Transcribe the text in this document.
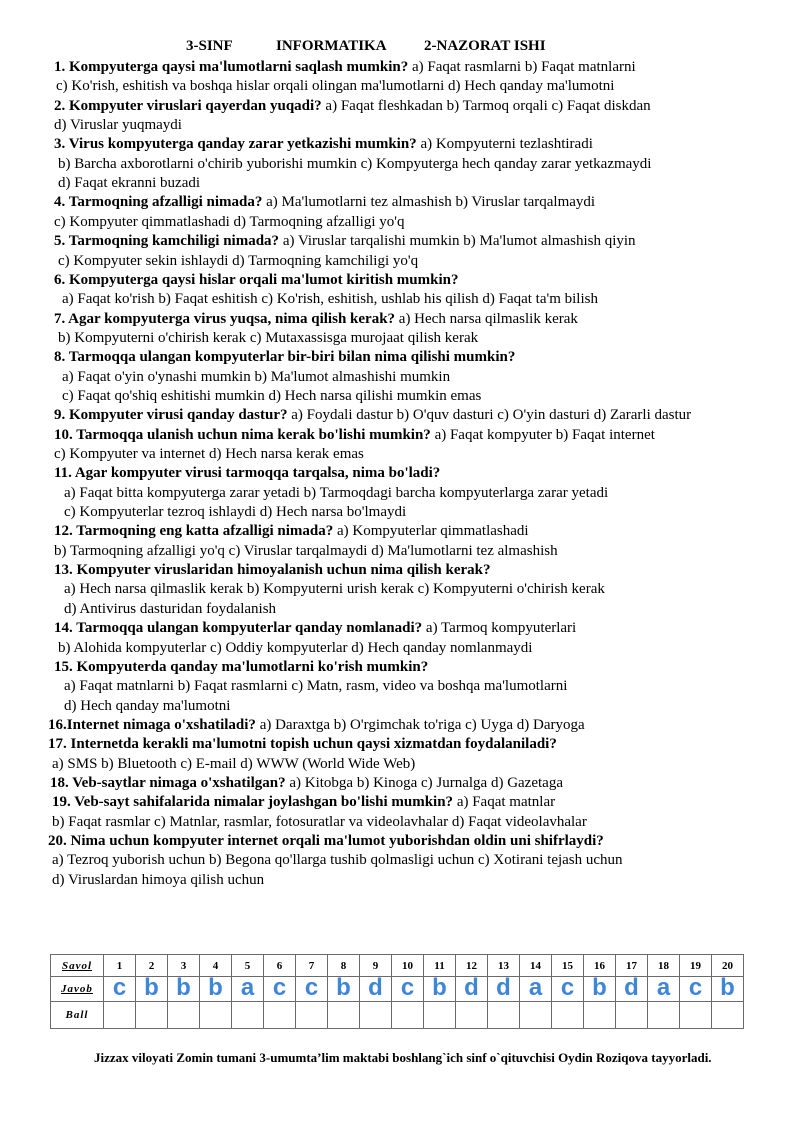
3-SINF	INFORMATIKA 2-NAZORAT ISHI
1. Kompyuterga qaysi ma'lumotlarni saqlash mumkin? a) Faqat rasmlarni b) Faqat matnlarni
c) Ko'rish, eshitish va boshqa hislar orqali olingan ma'lumotlarni d) Hech qanday ma'lumotni
2. Kompyuter viruslari qayerdan yuqadi? a) Faqat fleshkadan b) Tarmoq orqali c) Faqat diskdan
d) Viruslar yuqmaydi
3. Virus kompyuterga qanday zarar yetkazishi mumkin? a) Kompyuterni tezlashtiradi
b) Barcha axborotlarni o'chirib yuborishi mumkin c) Kompyuterga hech qanday zarar yetkazmaydi
d) Faqat ekranni buzadi
4. Tarmoqning afzalligi nimada? a) Ma'lumotlarni tez almashish b) Viruslar tarqalmaydi
c) Kompyuter qimmatlashadi d) Tarmoqning afzalligi yo'q
5. Tarmoqning kamchiligi nimada? a) Viruslar tarqalishi mumkin b) Ma'lumot almashish qiyin
c) Kompyuter sekin ishlaydi d) Tarmoqning kamchiligi yo'q
6. Kompyuterga qaysi hislar orqali ma'lumot kiritish mumkin?
a) Faqat ko'rish b) Faqat eshitish c) Ko'rish, eshitish, ushlab his qilish d) Faqat ta'm bilish
7. Agar kompyuterga virus yuqsa, nima qilish kerak? a) Hech narsa qilmaslik kerak
b) Kompyuterni o'chirish kerak c) Mutaxassisga murojaat qilish kerak
8. Tarmoqqa ulangan kompyuterlar bir-biri bilan nima qilishi mumkin?
a) Faqat o'yin o'ynashi mumkin b) Ma'lumot almashishi mumkin
c) Faqat qo'shiq eshitishi mumkin d) Hech narsa qilishi mumkin emas
9. Kompyuter virusi qanday dastur? a) Foydali dastur b) O'quv dasturi c) O'yin dasturi d) Zararli dastur
10. Tarmoqqa ulanish uchun nima kerak bo'lishi mumkin? a) Faqat kompyuter b) Faqat internet
c) Kompyuter va internet d) Hech narsa kerak emas
11. Agar kompyuter virusi tarmoqqa tarqalsa, nima bo'ladi?
a) Faqat bitta kompyuterga zarar yetadi b) Tarmoqdagi barcha kompyuterlarga zarar yetadi
c) Kompyuterlar tezroq ishlaydi d) Hech narsa bo'lmaydi
12. Tarmoqning eng katta afzalligi nimada? a) Kompyuterlar qimmatlashadi
b) Tarmoqning afzalligi yo'q c) Viruslar tarqalmaydi d) Ma'lumotlarni tez almashish
13. Kompyuter viruslaridan himoyalanish uchun nima qilish kerak?
a) Hech narsa qilmaslik kerak b) Kompyuterni urish kerak c) Kompyuterni o'chirish kerak
d) Antivirus dasturidan foydalanish
14. Tarmoqqa ulangan kompyuterlar qanday nomlanadi? a) Tarmoq kompyuterlari
b) Alohida kompyuterlar c) Oddiy kompyuterlar d) Hech qanday nomlanmaydi
15. Kompyuterda qanday ma'lumotlarni ko'rish mumkin?
a) Faqat matnlarni b) Faqat rasmlarni c) Matn, rasm, video va boshqa ma'lumotlarni
d) Hech qanday ma'lumotni
16.Internet nimaga o'xshatiladi? a) Daraxtga b) O'rgimchak to'riga c) Uyga d) Daryoga
17. Internetda kerakli ma'lumotni topish uchun qaysi xizmatdan foydalaniladi?
a) SMS b) Bluetooth c) E-mail d) WWW (World Wide Web)
18. Veb-saytlar nimaga o'xshatilgan? a) Kitobga b) Kinoga c) Jurnalga d) Gazetaga
19. Veb-sayt sahifalarida nimalar joylashgan bo'lishi mumkin? a) Faqat matnlar
b) Faqat rasmlar c) Matnlar, rasmlar, fotosuratlar va videolavhalar d) Faqat videolavhalar
20. Nima uchun kompyuter internet orqali ma'lumot yuborishdan oldin uni shifrlaydi?
a) Tezroq yuborish uchun b) Begona qo'llarga tushib qolmasligi uchun c) Xotirani tejash uchun
d) Viruslardan himoya qilish uchun
Savol	1	2	3	4	5	6	7	8	9	10	11	12	13	14	15	16	17	18	19	20
Javob	c	b	b	b	a	c	c	b	d	c	b	d	d	a	c	b	d	a	c	b
Ball																				
Jizzax viloyati Zomin tumani 3-umumta’lim maktabi boshlang`ich sinf o`qituvchisi Oydin Roziqova tayyorladi.
